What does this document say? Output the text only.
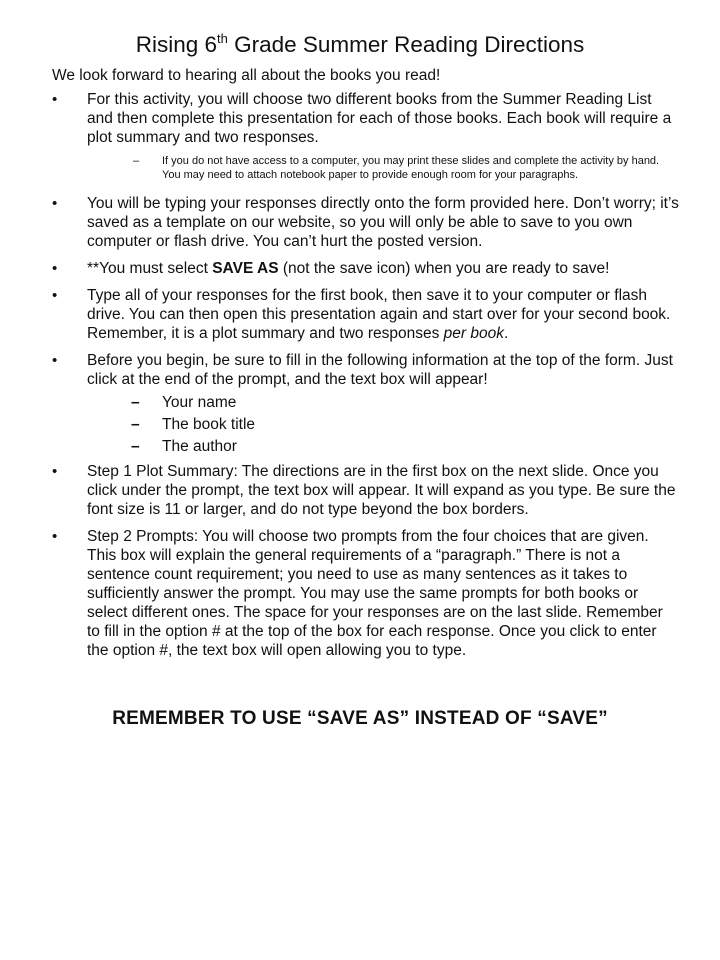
Rising 6th Grade Summer Reading Directions
We look forward to hearing all about the books you read!
• For this activity, you will choose two different books from the Summer Reading List and then complete this presentation for each of those books. Each book will require a plot summary and two responses.
– If you do not have access to a computer, you may print these slides and complete the activity by hand. You may need to attach notebook paper to provide enough room for your paragraphs.
• You will be typing your responses directly onto the form provided here. Don’t worry; it’s saved as a template on our website, so you will only be able to save to you own computer or flash drive. You can’t hurt the posted version.
• **You must select SAVE AS (not the save icon) when you are ready to save!
• Type all of your responses for the first book, then save it to your computer or flash drive. You can then open this presentation again and start over for your second book. Remember, it is a plot summary and two responses per book.
• Before you begin, be sure to fill in the following information at the top of the form. Just click at the end of the prompt, and the text box will appear!
– Your name
– The book title
– The author
• Step 1 Plot Summary: The directions are in the first box on the next slide. Once you click under the prompt, the text box will appear. It will expand as you type. Be sure the font size is 11 or larger, and do not type beyond the box borders.
• Step 2 Prompts: You will choose two prompts from the four choices that are given. This box will explain the general requirements of a “paragraph.” There is not a sentence count requirement; you need to use as many sentences as it takes to sufficiently answer the prompt. You may use the same prompts for both books or select different ones. The space for your responses are on the last slide. Remember to fill in the option # at the top of the box for each response. Once you click to enter the option #, the text box will open allowing you to type.
REMEMBER TO USE “SAVE AS” INSTEAD OF “SAVE”
